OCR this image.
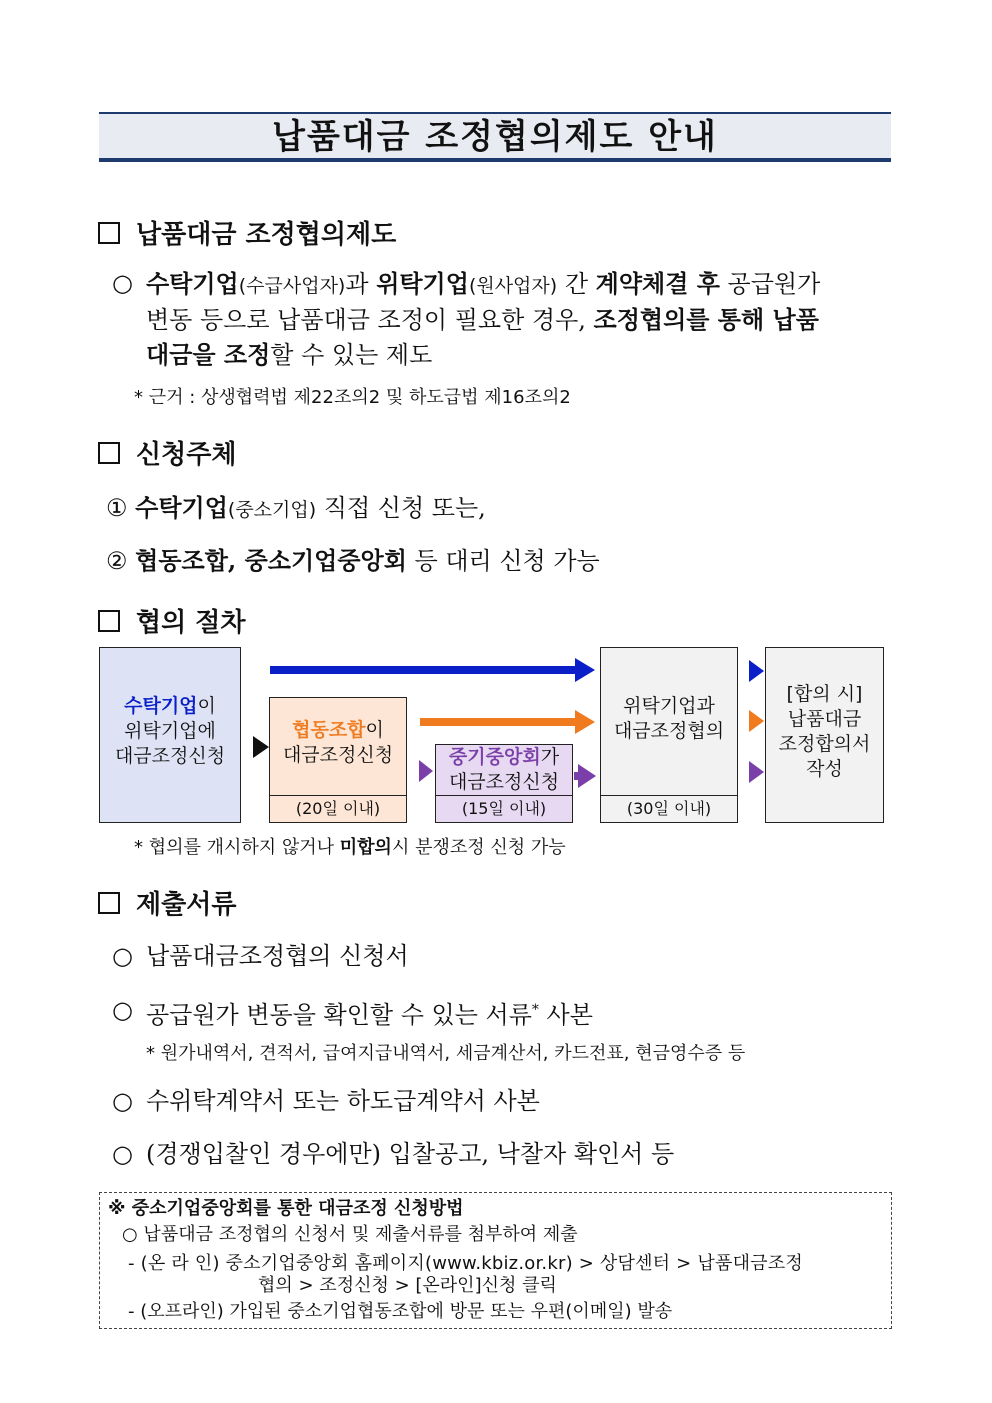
납품대금 조정협의제도 안내
납품대금 조정협의제도
○ 수탁기업(수급사업자)과 위탁기업(원사업자) 간 계약체결 후 공급원가
변동 등으로 납품대금 조정이 필요한 경우, 조정협의를 통해 납품
대금을 조정할 수 있는 제도
* 근거 : 상생협력법 제22조의2 및 하도급법 제16조의2
신청주체
① 수탁기업(중소기업) 직접 신청 또는,
② 협동조합, 중소기업중앙회 등 대리 신청 가능
협의 절차
수탁기업이
위탁기업에
대금조정신청
협동조합이
대금조정신청
(20일 이내)
중기중앙회가
대금조정신청
(15일 이내)
위탁기업과
대금조정협의
(30일 이내)
[합의 시]
납품대금
조정합의서
작성
* 협의를 개시하지 않거나 미합의시 분쟁조정 신청 가능
제출서류
○ 납품대금조정협의 신청서
○ 공급원가 변동을 확인할 수 있는 서류* 사본
* 원가내역서, 견적서, 급여지급내역서, 세금계산서, 카드전표, 현금영수증 등
○ 수위탁계약서 또는 하도급계약서 사본
○ (경쟁입찰인 경우에만) 입찰공고, 낙찰자 확인서 등
※ 중소기업중앙회를 통한 대금조정 신청방법
○ 납품대금 조정협의 신청서 및 제출서류를 첨부하여 제출
- (온 라 인) 중소기업중앙회 홈페이지(www.kbiz.or.kr) > 상담센터 > 납품대금조정
협의 > 조정신청 > [온라인]신청 클릭
- (오프라인) 가입된 중소기업협동조합에 방문 또는 우편(이메일) 발송
